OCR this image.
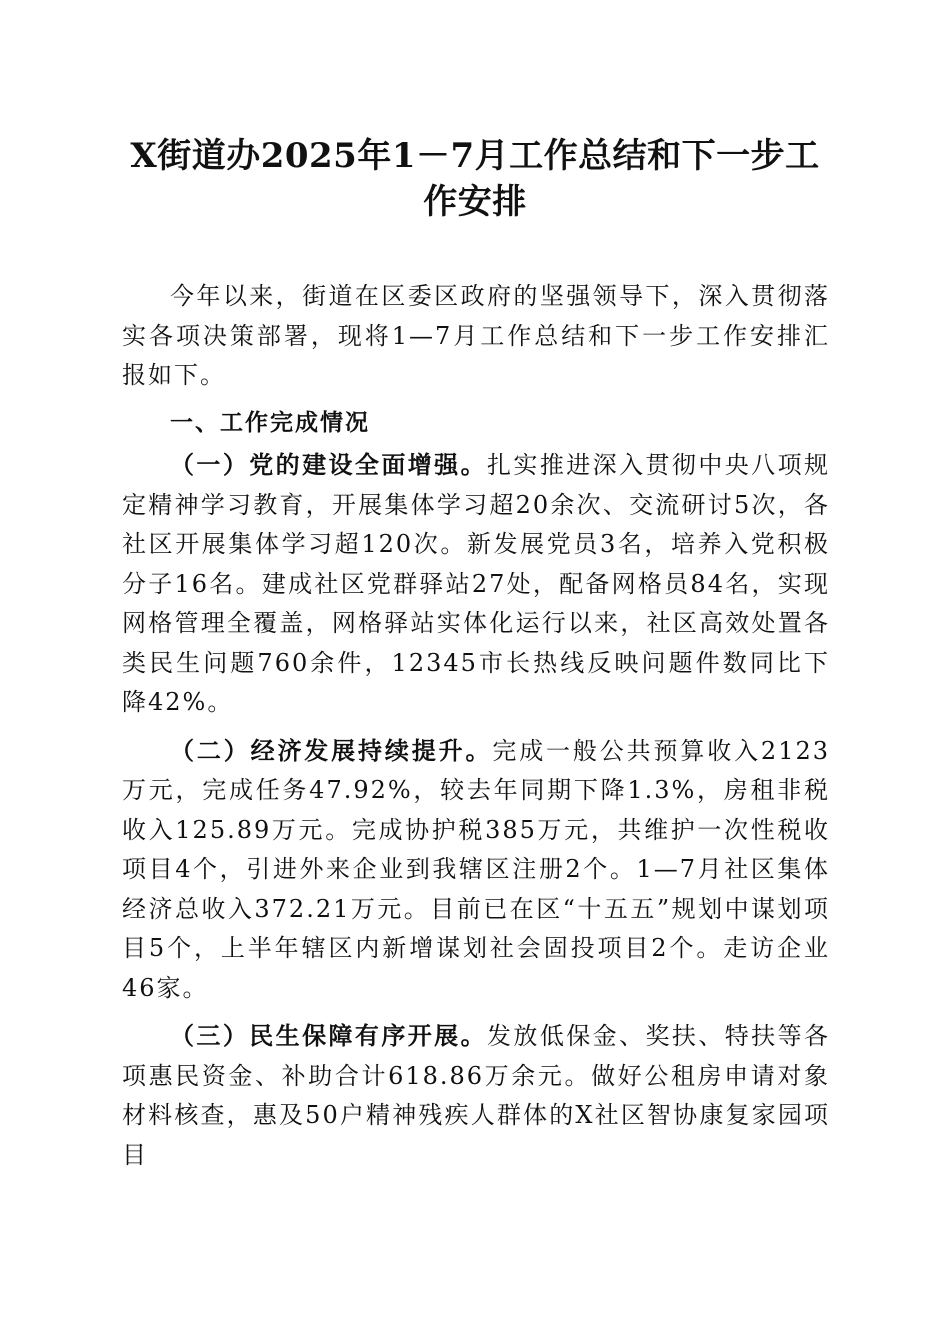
X街道办2025年1－7月工作总结和下一步工
作安排

今年以来，街道在区委区政府的坚强领导下，深入贯彻落实各项决策部署，现将1—7月工作总结和下一步工作安排汇报如下。

一、工作完成情况

（一）党的建设全面增强。扎实推进深入贯彻中央八项规定精神学习教育，开展集体学习超20余次、交流研讨5次，各社区开展集体学习超120次。新发展党员3名，培养入党积极分子16名。建成社区党群驿站27处，配备网格员84名，实现网格管理全覆盖，网格驿站实体化运行以来，社区高效处置各类民生问题760余件，12345市长热线反映问题件数同比下降42%。

（二）经济发展持续提升。完成一般公共预算收入2123万元，完成任务47.92%，较去年同期下降1.3%，房租非税收入125.89万元。完成协护税385万元，共维护一次性税收项目4个，引进外来企业到我辖区注册2个。1—7月社区集体经济总收入372.21万元。目前已在区“十五五”规划中谋划项目5个，上半年辖区内新增谋划社会固投项目2个。走访企业46家。

（三）民生保障有序开展。发放低保金、奖扶、特扶等各项惠民资金、补助合计618.86万余元。做好公租房申请对象材料核查，惠及50户精神残疾人群体的X社区智协康复家园项目
